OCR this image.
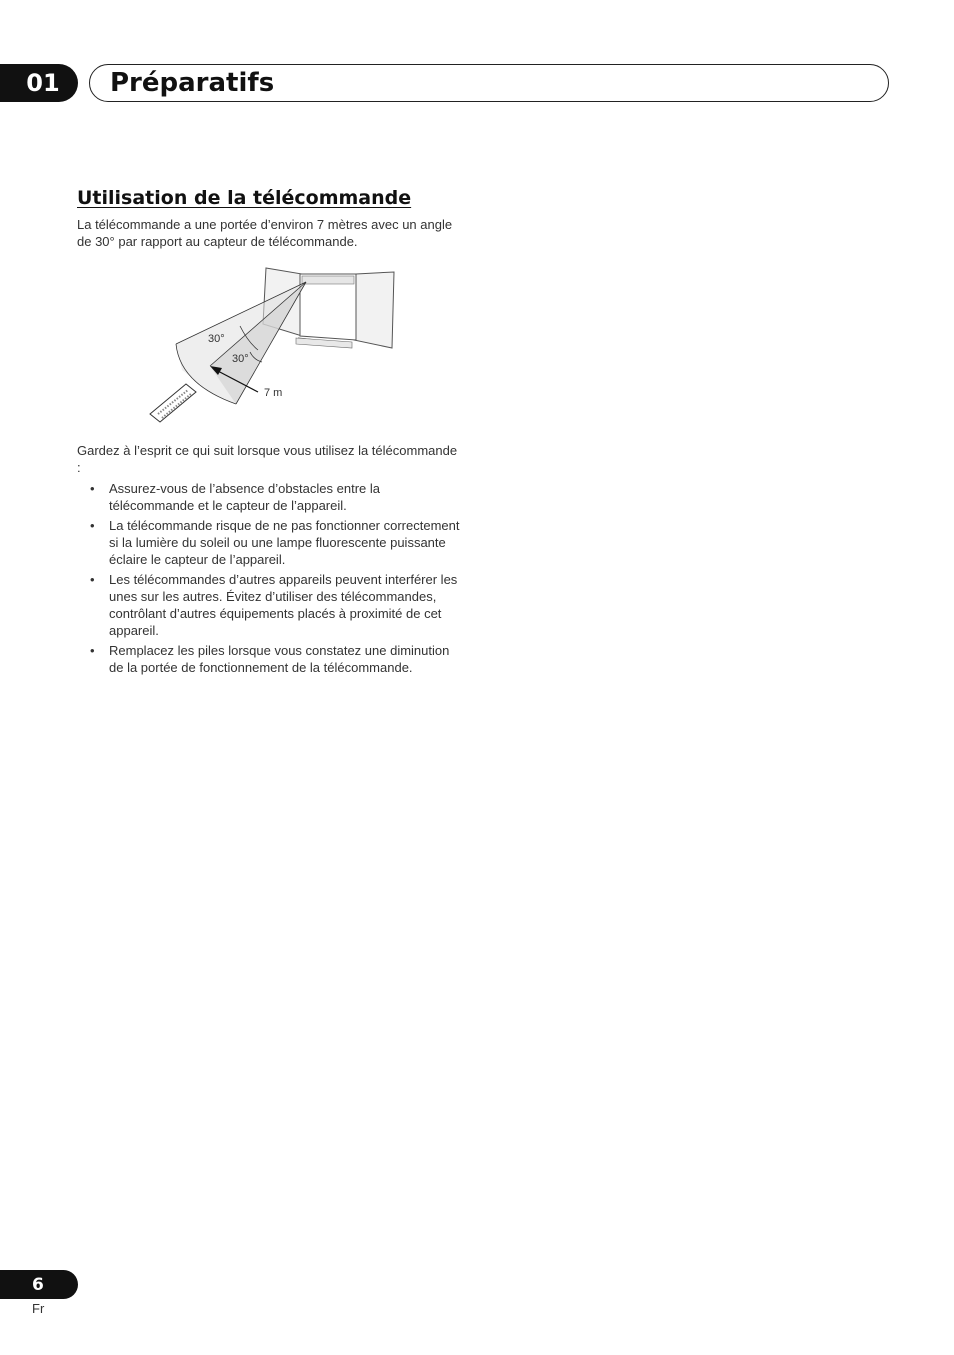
01 Préparatifs
Utilisation de la télécommande

La télécommande a une portée d’environ 7 mètres avec un angle de 30° par rapport au capteur de télécommande.

30°
30°
7 m

Gardez à l’esprit ce qui suit lorsque vous utilisez la télécommande :

• Assurez-vous de l’absence d’obstacles entre la télécommande et le capteur de l’appareil.
• La télécommande risque de ne pas fonctionner correctement si la lumière du soleil ou une lampe fluorescente puissante éclaire le capteur de l’appareil.
• Les télécommandes d’autres appareils peuvent interférer les unes sur les autres. Évitez d’utiliser des télécommandes, contrôlant d’autres équipements placés à proximité de cet appareil.
• Remplacez les piles lorsque vous constatez une diminution de la portée de fonctionnement de la télécommande.
6
Fr
